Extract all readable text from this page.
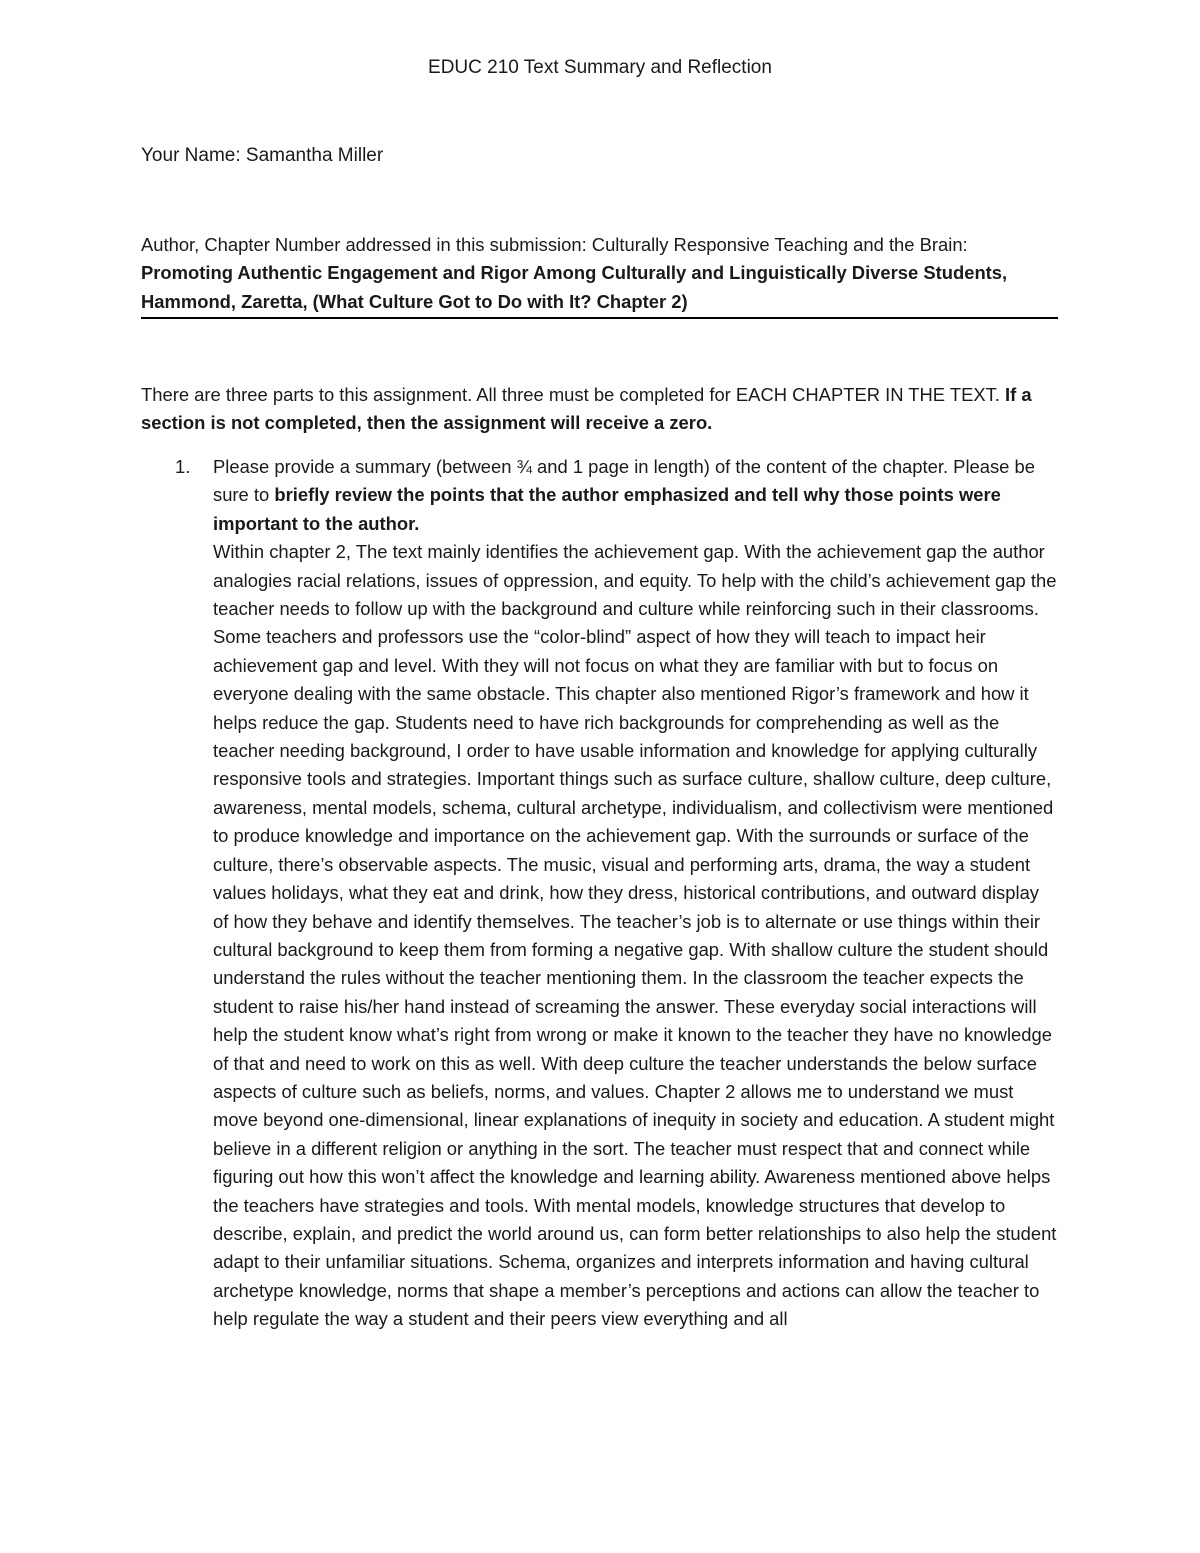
EDUC 210 Text Summary and Reflection
Your Name: Samantha Miller
Author, Chapter Number addressed in this submission: Culturally Responsive Teaching and the Brain: Promoting Authentic Engagement and Rigor Among Culturally and Linguistically Diverse Students, Hammond, Zaretta, (What Culture Got to Do with It? Chapter 2)
There are three parts to this assignment. All three must be completed for EACH CHAPTER IN THE TEXT. If a section is not completed, then the assignment will receive a zero.
1. Please provide a summary (between ¾ and 1 page in length) of the content of the chapter. Please be sure to briefly review the points that the author emphasized and tell why those points were important to the author.

Within chapter 2, The text mainly identifies the achievement gap. With the achievement gap the author analogies racial relations, issues of oppression, and equity. To help with the child’s achievement gap the teacher needs to follow up with the background and culture while reinforcing such in their classrooms. Some teachers and professors use the “color-blind” aspect of how they will teach to impact heir achievement gap and level. With they will not focus on what they are familiar with but to focus on everyone dealing with the same obstacle. This chapter also mentioned Rigor’s framework and how it helps reduce the gap. Students need to have rich backgrounds for comprehending as well as the teacher needing background, I order to have usable information and knowledge for applying culturally responsive tools and strategies. Important things such as surface culture, shallow culture, deep culture, awareness, mental models, schema, cultural archetype, individualism, and collectivism were mentioned to produce knowledge and importance on the achievement gap. With the surrounds or surface of the culture, there’s observable aspects. The music, visual and performing arts, drama, the way a student values holidays, what they eat and drink, how they dress, historical contributions, and outward display of how they behave and identify themselves. The teacher’s job is to alternate or use things within their cultural background to keep them from forming a negative gap. With shallow culture the student should understand the rules without the teacher mentioning them. In the classroom the teacher expects the student to raise his/her hand instead of screaming the answer. These everyday social interactions will help the student know what’s right from wrong or make it known to the teacher they have no knowledge of that and need to work on this as well. With deep culture the teacher understands the below surface aspects of culture such as beliefs, norms, and values. Chapter 2 allows me to understand we must move beyond one-dimensional, linear explanations of inequity in society and education. A student might believe in a different religion or anything in the sort. The teacher must respect that and connect while figuring out how this won’t affect the knowledge and learning ability. Awareness mentioned above helps the teachers have strategies and tools. With mental models, knowledge structures that develop to describe, explain, and predict the world around us, can form better relationships to also help the student adapt to their unfamiliar situations. Schema, organizes and interprets information and having cultural archetype knowledge, norms that shape a member’s perceptions and actions can allow the teacher to help regulate the way a student and their peers view everything and all
